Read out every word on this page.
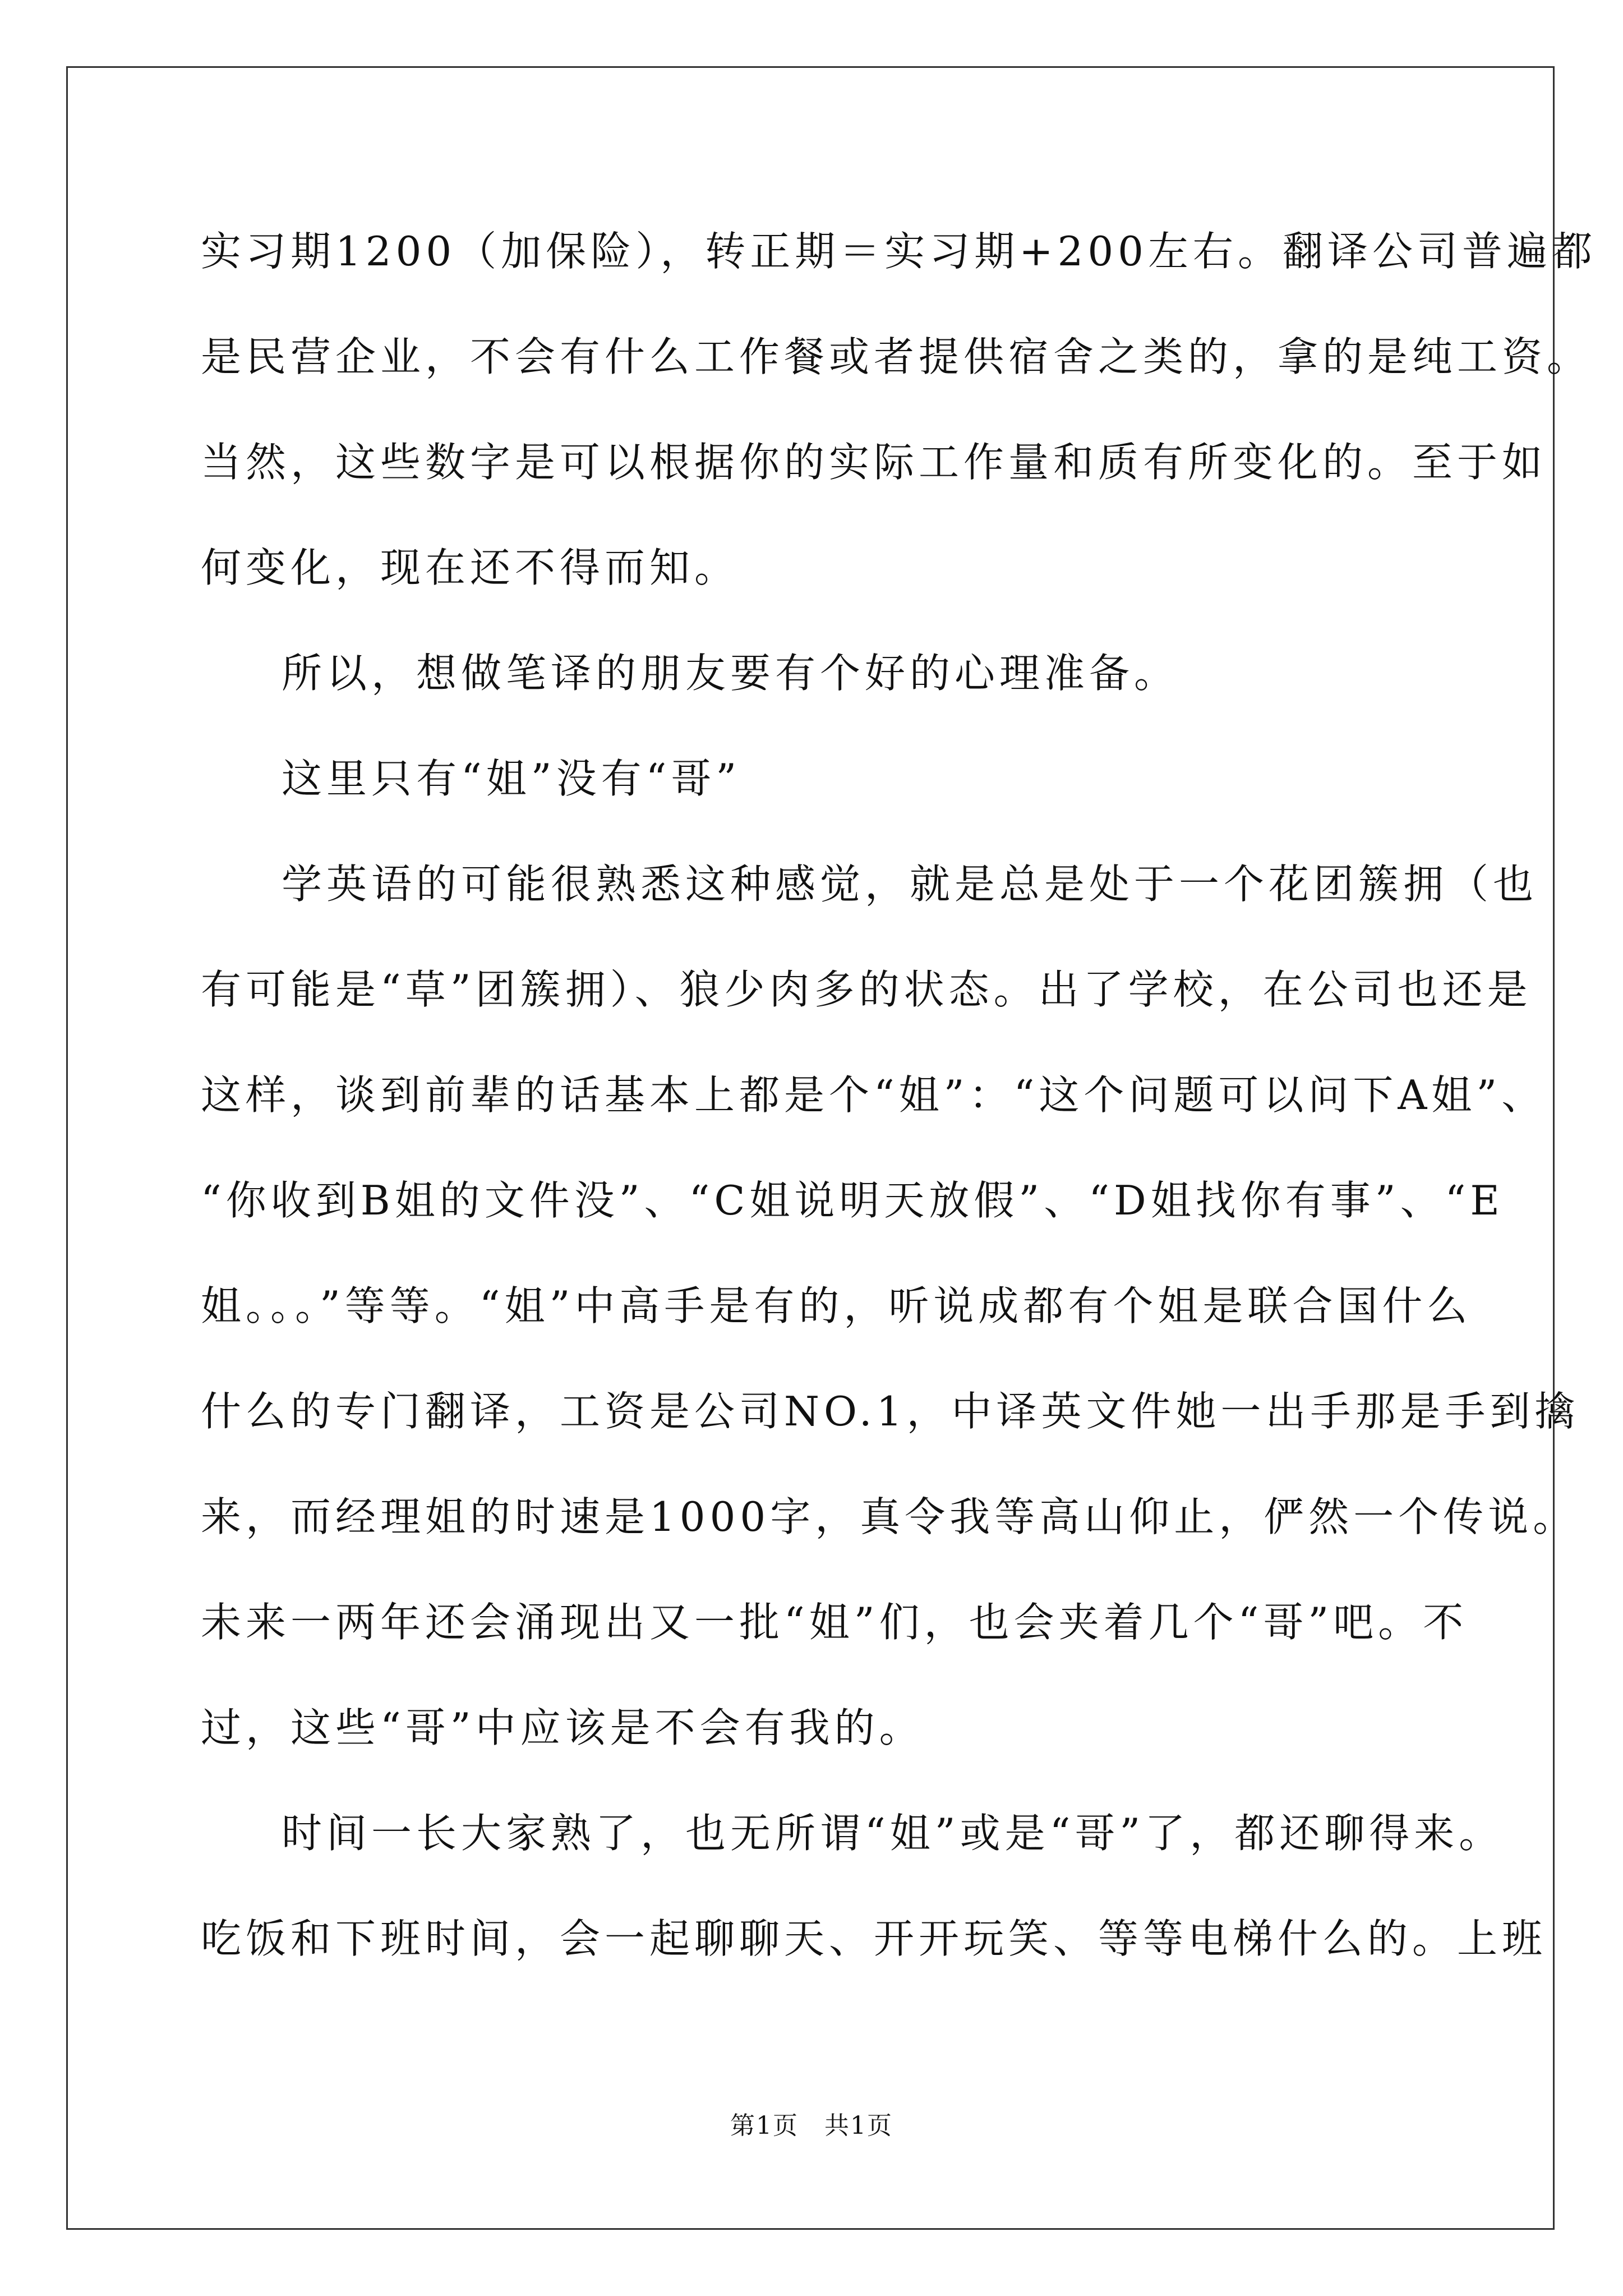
实习期1200（加保险），转正期＝实习期+200左右。翻译公司普遍都
是民营企业，不会有什么工作餐或者提供宿舍之类的，拿的是纯工资。
当然，这些数字是可以根据你的实际工作量和质有所变化的。至于如
何变化，现在还不得而知。
所以，想做笔译的朋友要有个好的心理准备。
这里只有“姐”没有“哥”
学英语的可能很熟悉这种感觉，就是总是处于一个花团簇拥（也
有可能是“草”团簇拥）、狼少肉多的状态。出了学校，在公司也还是
这样，谈到前辈的话基本上都是个“姐”：“这个问题可以问下A姐”、
“你收到B姐的文件没”、“C姐说明天放假”、“D姐找你有事”、“E
姐。。。”等等。“姐”中高手是有的，听说成都有个姐是联合国什么
什么的专门翻译，工资是公司NO.1，中译英文件她一出手那是手到擒
来，而经理姐的时速是1000字，真令我等高山仰止，俨然一个传说。
未来一两年还会涌现出又一批“姐”们，也会夹着几个“哥”吧。不
过，这些“哥”中应该是不会有我的。
时间一长大家熟了，也无所谓“姐”或是“哥”了，都还聊得来。
吃饭和下班时间，会一起聊聊天、开开玩笑、等等电梯什么的。上班
第1页　共1页
